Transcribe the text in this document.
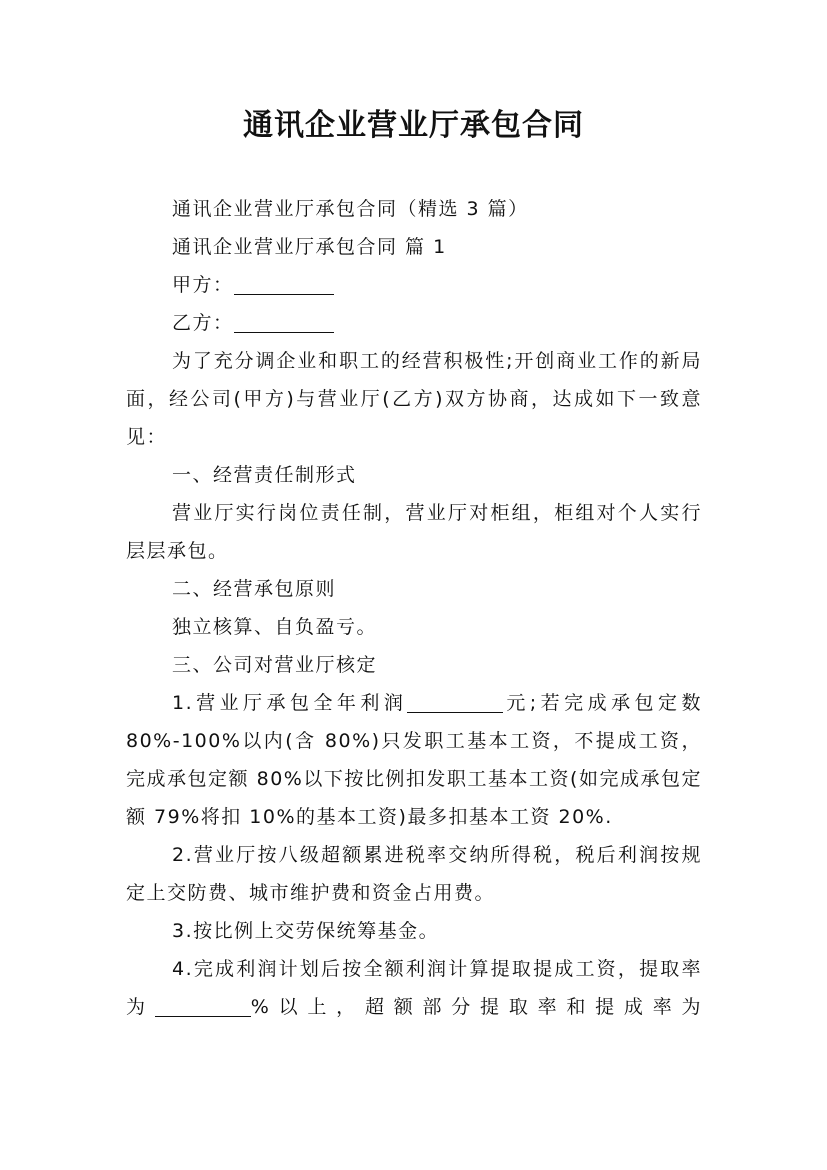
通讯企业营业厅承包合同

通讯企业营业厅承包合同（精选 3 篇）

通讯企业营业厅承包合同 篇 1

甲方：

乙方：

为了充分调企业和职工的经营积极性;开创商业工作的新局面，经公司(甲方)与营业厅(乙方)双方协商，达成如下一致意见：

一、经营责任制形式

营业厅实行岗位责任制，营业厅对柜组，柜组对个人实行层层承包。

二、经营承包原则

独立核算、自负盈亏。

三、公司对营业厅核定

1.营业厅承包全年利润	元;若完成承包定数 80%-100%以内(含 80%)只发职工基本工资，不提成工资，完成承包定额 80%以下按比例扣发职工基本工资(如完成承包定额 79%将扣 10%的基本工资)最多扣基本工资 20%.

2.营业厅按八级超额累进税率交纳所得税，税后利润按规定上交防费、城市维护费和资金占用费。

3.按比例上交劳保统筹基金。

4.完成利润计划后按全额利润计算提取提成工资，提取率为	%以上，超额部分提取率和提成率为
